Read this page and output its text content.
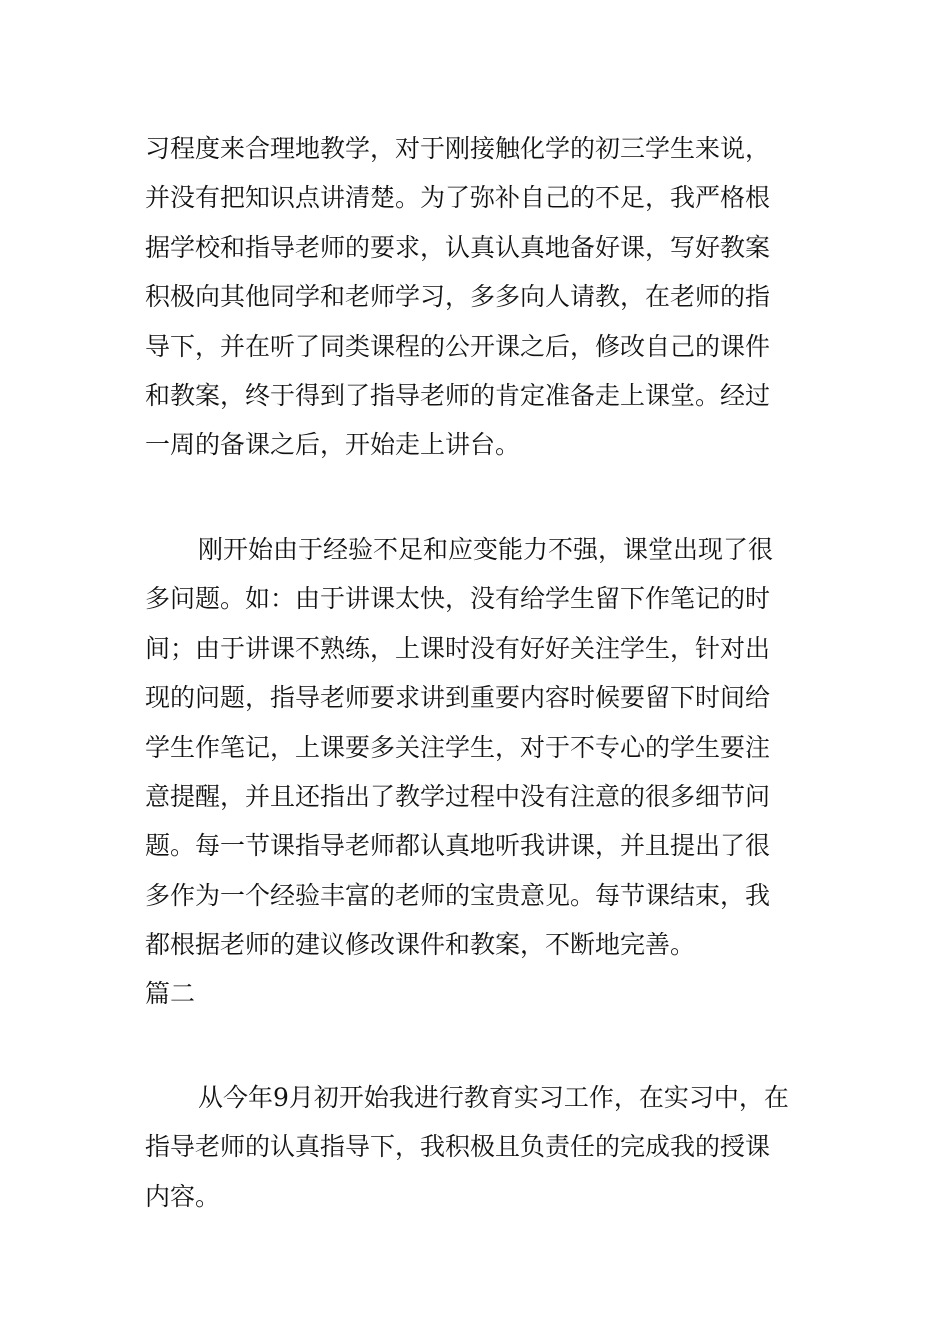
习程度来合理地教学，对于刚接触化学的初三学生来说，
并没有把知识点讲清楚。为了弥补自己的不足，我严格根
据学校和指导老师的要求，认真认真地备好课，写好教案
积极向其他同学和老师学习，多多向人请教，在老师的指
导下，并在听了同类课程的公开课之后，修改自己的课件
和教案，终于得到了指导老师的肯定准备走上课堂。经过
一周的备课之后，开始走上讲台。
刚开始由于经验不足和应变能力不强，课堂出现了很
多问题。如：由于讲课太快，没有给学生留下作笔记的时
间；由于讲课不熟练，上课时没有好好关注学生，针对出
现的问题，指导老师要求讲到重要内容时候要留下时间给
学生作笔记，上课要多关注学生，对于不专心的学生要注
意提醒，并且还指出了教学过程中没有注意的很多细节问
题。每一节课指导老师都认真地听我讲课，并且提出了很
多作为一个经验丰富的老师的宝贵意见。每节课结束，我
都根据老师的建议修改课件和教案，不断地完善。
篇二
从今年9月初开始我进行教育实习工作，在实习中，在
指导老师的认真指导下，我积极且负责任的完成我的授课
内容。
